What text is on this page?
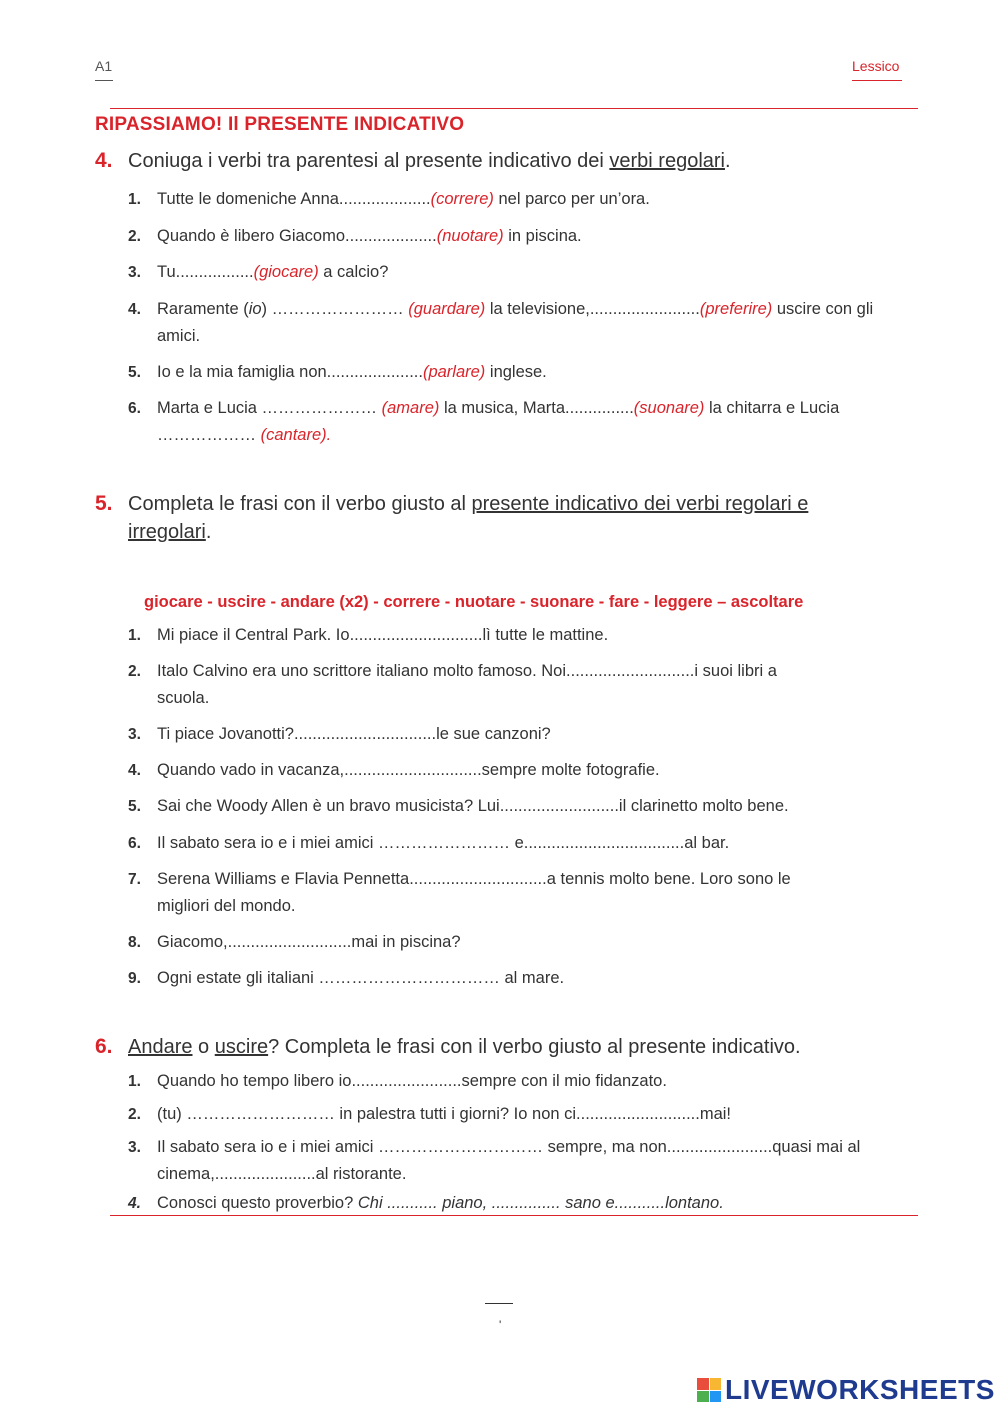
A1	Lessico
RIPASSIAMO! Il PRESENTE INDICATIVO
4. Coniuga i verbi tra parentesi al presente indicativo dei verbi regolari.
1. Tutte le domeniche Anna....................(correre) nel parco per un’ora.
2. Quando è libero Giacomo....................(nuotare) in piscina.
3. Tu.................(giocare) a calcio?
4. Raramente (io) …………………… (guardare) la televisione,........................(preferire) uscire con gli
amici.
5. Io e la mia famiglia non.....................(parlare) inglese.
6. Marta e Lucia ………………… (amare) la musica, Marta...............(suonare) la chitarra e Lucia
……………… (cantare).
5. Completa le frasi con il verbo giusto al presente indicativo dei verbi regolari e
irregolari.
giocare - uscire - andare (x2) - correre - nuotare - suonare - fare - leggere – ascoltare
1. Mi piace il Central Park. Io.............................lì tutte le mattine.
2. Italo Calvino era uno scrittore italiano molto famoso. Noi............................i suoi libri a
scuola.
3. Ti piace Jovanotti?...............................le sue canzoni?
4. Quando vado in vacanza,..............................sempre molte fotografie.
5. Sai che Woody Allen è un bravo musicista? Lui..........................il clarinetto molto bene.
6. Il sabato sera io e i miei amici …………………… e...................................al bar.
7. Serena Williams e Flavia Pennetta..............................a tennis molto bene. Loro sono le
migliori del mondo.
8. Giacomo,...........................mai in piscina?
9. Ogni estate gli italiani …………………………… al mare.
6. Andare o uscire? Completa le frasi con il verbo giusto al presente indicativo.
1. Quando ho tempo libero io........................sempre con il mio fidanzato.
2. (tu) ……………………… in palestra tutti i giorni? Io non ci...........................mai!
3. Il sabato sera io e i miei amici ………………………… sempre, ma non.......................quasi mai al
cinema,......................al ristorante.
4. Conosci questo proverbio? Chi ........... piano, ............... sano e...........lontano.
'
LIVEWORKSHEETS
